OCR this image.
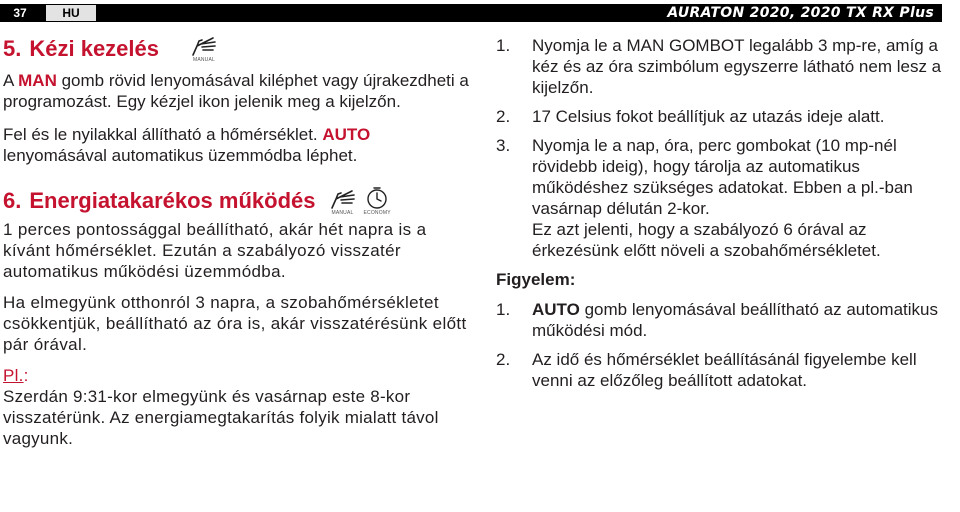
37	HU	AURATON 2020, 2020 TX RX Plus
5. Kézi kezelés	MANUAL

A MAN gomb rövid lenyomásával kiléphet vagy újrakezdheti a programozást. Egy kézjel ikon jelenik meg a kijelzőn.

Fel és le nyilakkal állítható a hőmérséklet. AUTO lenyomásával automatikus üzemmódba léphet.

6. Energiatakarékos működés	MANUAL ECONOMY

1 perces pontossággal beállítható, akár hét napra is a kívánt hőmérséklet. Ezután a szabályozó visszatér automatikus működési üzemmódba.

Ha elmegyünk otthonról 3 napra, a szobahőmérsékletet csökkentjük, beállítható az óra is, akár visszatérésünk előtt pár órával.

Pl.:
Szerdán 9:31-kor elmegyünk és vasárnap este 8-kor visszatérünk. Az energiamegtakarítás folyik mialatt távol vagyunk.

1.	Nyomja le a MAN GOMBOT legalább 3 mp-re, amíg a kéz és az óra szimbólum egyszerre látható nem lesz a kijelzőn.
2.	17 Celsius fokot beállítjuk az utazás ideje alatt.
3.	Nyomja le a nap, óra, perc gombokat (10 mp-nél rövidebb ideig), hogy tárolja az automatikus működéshez szükséges adatokat. Ebben a pl.-ban vasárnap délután 2-kor.
Ez azt jelenti, hogy a szabályozó 6 órával az érkezésünk előtt növeli a szobahőmérsékletet.
Figyelem:
1.	AUTO gomb lenyomásával beállítható az automatikus működési mód.
2.	Az idő és hőmérséklet beállításánál figyelembe kell venni az előzőleg beállított adatokat.
